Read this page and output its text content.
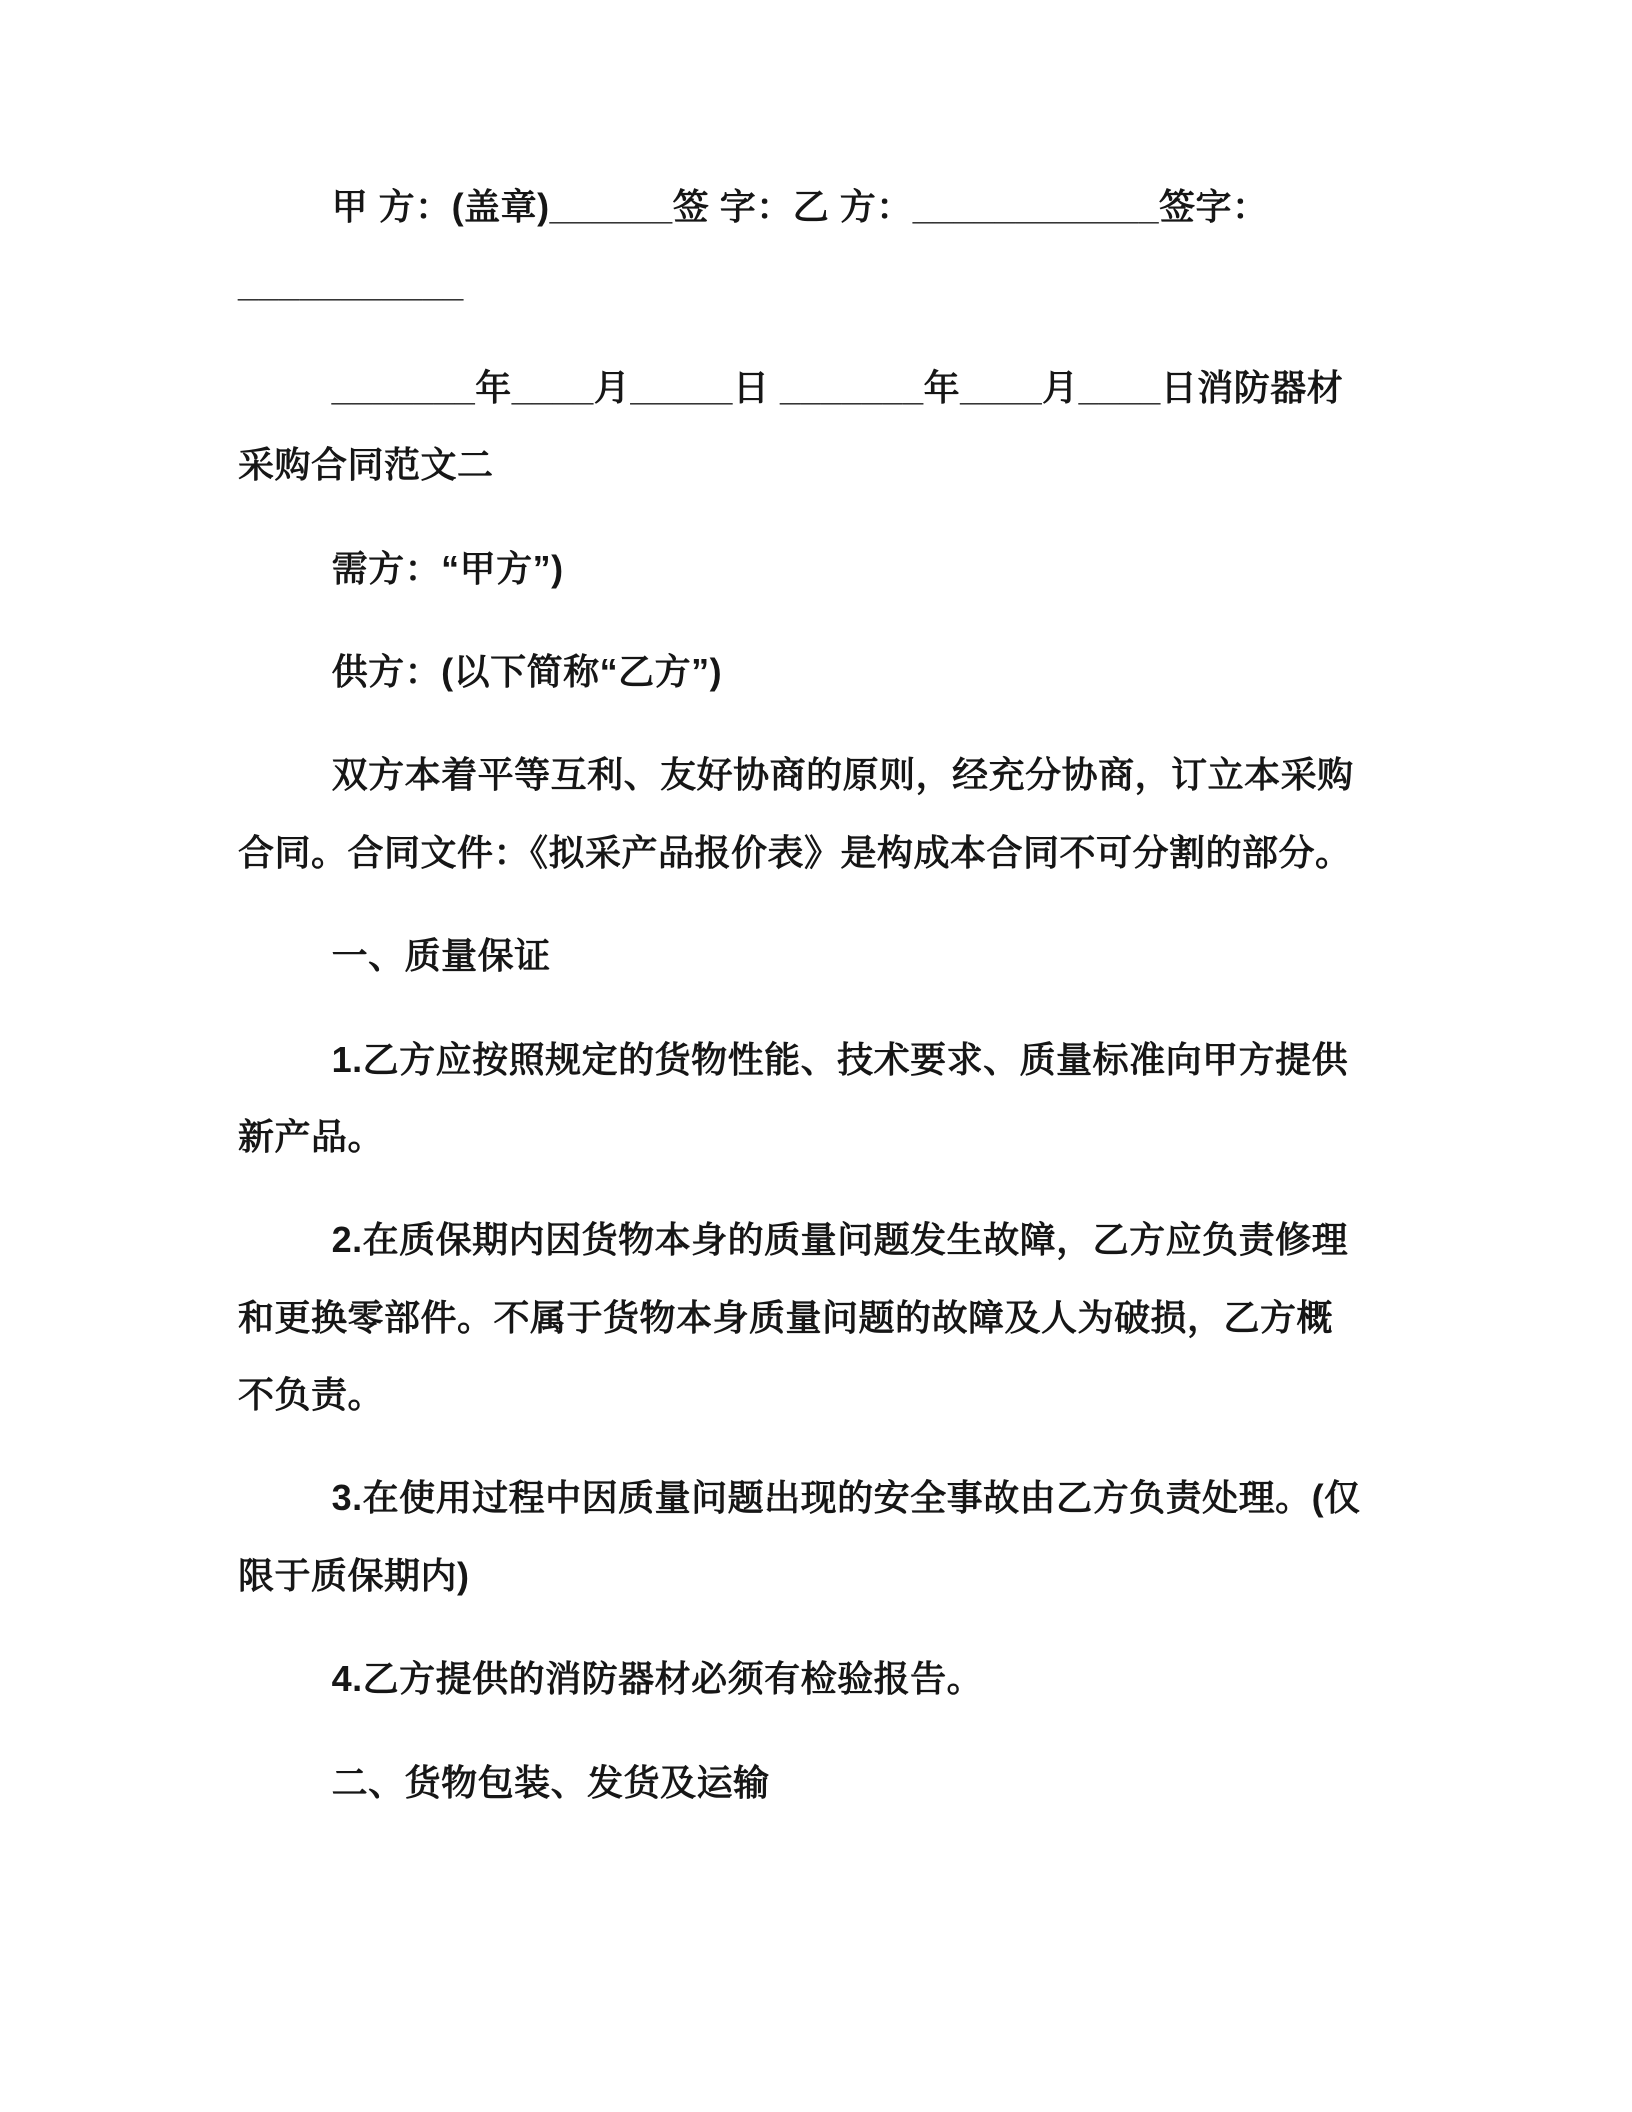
甲 方：(盖章)______签 字：乙 方：____________签字：
___________

_______年____月_____日 _______年____月____日消防器材
采购合同范文二

需方：“甲方”)

供方：(以下简称“乙方”)

双方本着平等互利、友好协商的原则，经充分协商，订立本采购
合同。合同文件：《拟采产品报价表》是构成本合同不可分割的部分。

一、质量保证

1.乙方应按照规定的货物性能、技术要求、质量标准向甲方提供
新产品。

2.在质保期内因货物本身的质量问题发生故障，乙方应负责修理
和更换零部件。不属于货物本身质量问题的故障及人为破损，乙方概
不负责。

3.在使用过程中因质量问题出现的安全事故由乙方负责处理。(仅
限于质保期内)

4.乙方提供的消防器材必须有检验报告。

二、货物包装、发货及运输
